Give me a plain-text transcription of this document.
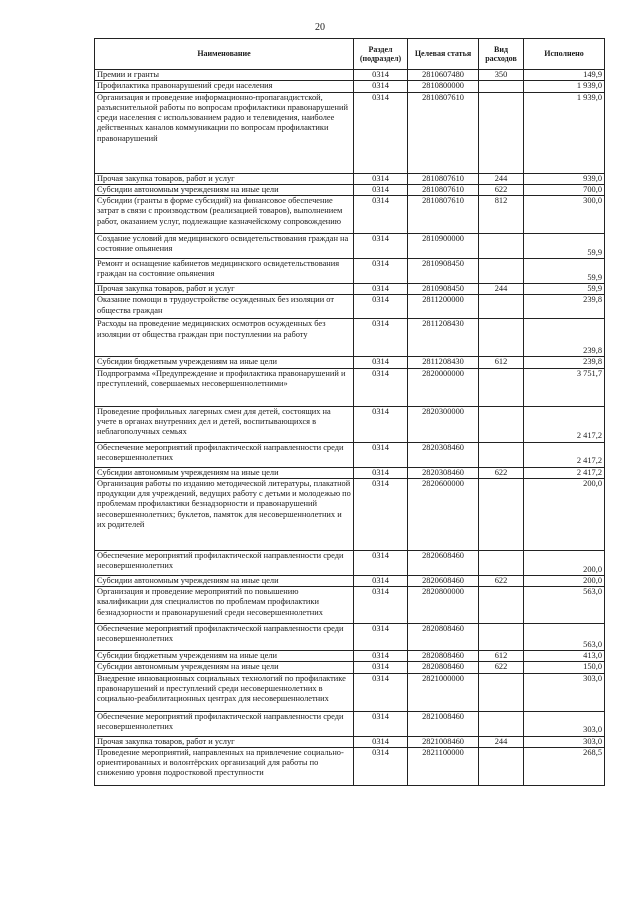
20
Наименование	Раздел (подраздел)	Целевая статья	Вид расходов	Исполнено
Премии и гранты	0314	2810607480	350	149,9
Профилактика правонарушений среди населения	0314	2810800000		1 939,0
Организация и проведение информационно-пропагандистской, разъяснительной работы по вопросам профилактики правонарушений среди населения с использованием радио и телевидения, наиболее действенных каналов коммуникации по вопросам профилактики правонарушений	0314	2810807610		1 939,0
Прочая закупка товаров, работ и услуг	0314	2810807610	244	939,0
Субсидии автономным учреждениям на иные цели	0314	2810807610	622	700,0
Субсидии (гранты в форме субсидий) на финансовое обеспечение затрат в связи с производством (реализацией товаров), выполнением работ, оказанием услуг, подлежащие казначейскому сопровождению	0314	2810807610	812	300,0
Создание условий для медицинского освидетельствования граждан на состояние опьянения	0314	2810900000		59,9
Ремонт и оснащение кабинетов медицинского освидетельствования граждан на состояние опьянения	0314	2810908450		59,9
Прочая закупка товаров, работ и услуг	0314	2810908450	244	59,9
Оказание помощи в трудоустройстве осужденных без изоляции от общества граждан	0314	2811200000		239,8
Расходы на проведение медицинских осмотров осужденных без изоляции от общества граждан при поступлении на работу	0314	2811208430		239,8
Субсидии бюджетным учреждениям на иные цели	0314	2811208430	612	239,8
Подпрограмма «Предупреждение и профилактика правонарушений и преступлений, совершаемых несовершеннолетними»	0314	2820000000		3 751,7
Проведение профильных лагерных смен для детей, состоящих на учете в органах внутренних дел и детей, воспитывающихся в неблагополучных семьях	0314	2820300000		2 417,2
Обеспечение мероприятий профилактической направленности среди несовершеннолетних	0314	2820308460		2 417,2
Субсидии автономным учреждениям на иные цели	0314	2820308460	622	2 417,2
Организация работы по изданию методической литературы, плакатной продукции для учреждений, ведущих работу с детьми и молодежью по проблемам профилактики безнадзорности и правонарушений несовершеннолетних; буклетов, памяток для несовершеннолетних и их родителей	0314	2820600000		200,0
Обеспечение мероприятий профилактической направленности среди несовершеннолетних	0314	2820608460		200,0
Субсидии автономным учреждениям на иные цели	0314	2820608460	622	200,0
Организация и проведение мероприятий по повышению квалификации для специалистов по проблемам профилактики безнадзорности и правонарушений среди несовершеннолетних	0314	2820800000		563,0
Обеспечение мероприятий профилактической направленности среди несовершеннолетних	0314	2820808460		563,0
Субсидии бюджетным учреждениям на иные цели	0314	2820808460	612	413,0
Субсидии автономным учреждениям на иные цели	0314	2820808460	622	150,0
Внедрение инновационных социальных технологий по профилактике правонарушений и преступлений среди несовершеннолетних в социально-реабилитационных центрах для несовершеннолетних	0314	2821000000		303,0
Обеспечение мероприятий профилактической направленности среди несовершеннолетних	0314	2821008460		303,0
Прочая закупка товаров, работ и услуг	0314	2821008460	244	303,0
Проведение мероприятий, направленных на привлечение социально-ориентированных и волонтёрских организаций для работы по снижению уровня подростковой преступности	0314	2821100000		268,5
